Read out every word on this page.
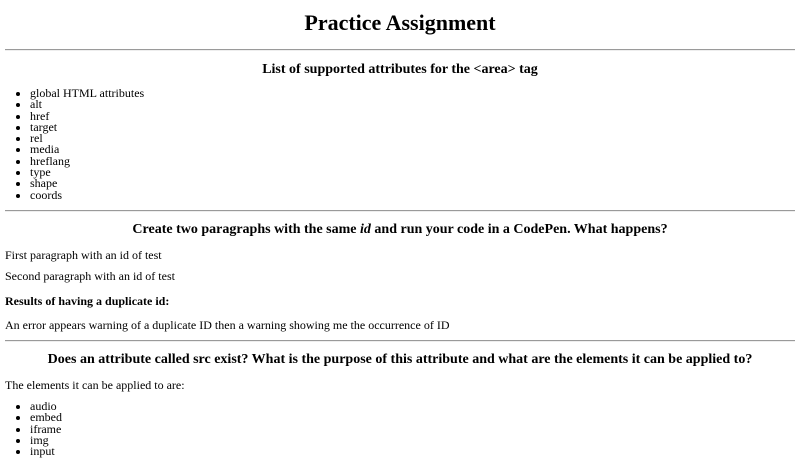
Practice Assignment
List of supported attributes for the <area> tag
• global HTML attributes
• alt
• href
• target
• rel
• media
• hreflang
• type
• shape
• coords
Create two paragraphs with the same id and run your code in a CodePen. What happens?

First paragraph with an id of test

Second paragraph with an id of test

Results of having a duplicate id:

An error appears warning of a duplicate ID then a warning showing me the occurrence of ID

Does an attribute called src exist? What is the purpose of this attribute and what are the elements it can be applied to?

The elements it can be applied to are:

• audio
• embed
• iframe
• img
• input
